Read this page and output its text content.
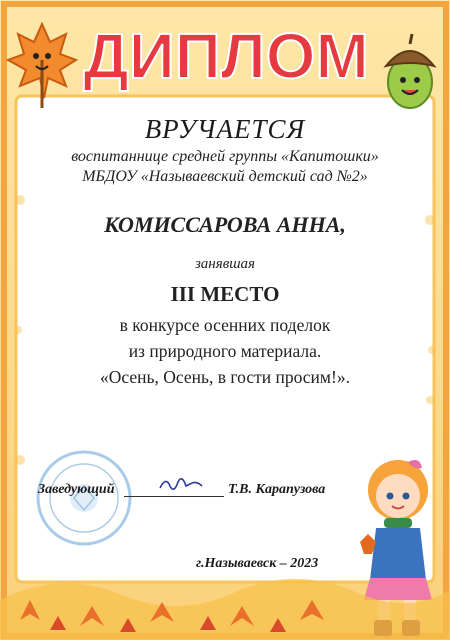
ДИПЛОМ
ВРУЧАЕТСЯ
воспитаннице средней группы «Капитошки»
МБДОУ «Называевский детский сад №2»
КОМИССАРОВА АННА,
занявшая
III МЕСТО
в конкурсе осенних поделок
из природного материала.
«Осень, Осень, в гости просим!».
Заведующий	Т.В. Карапузова
г.Называевск – 2023
